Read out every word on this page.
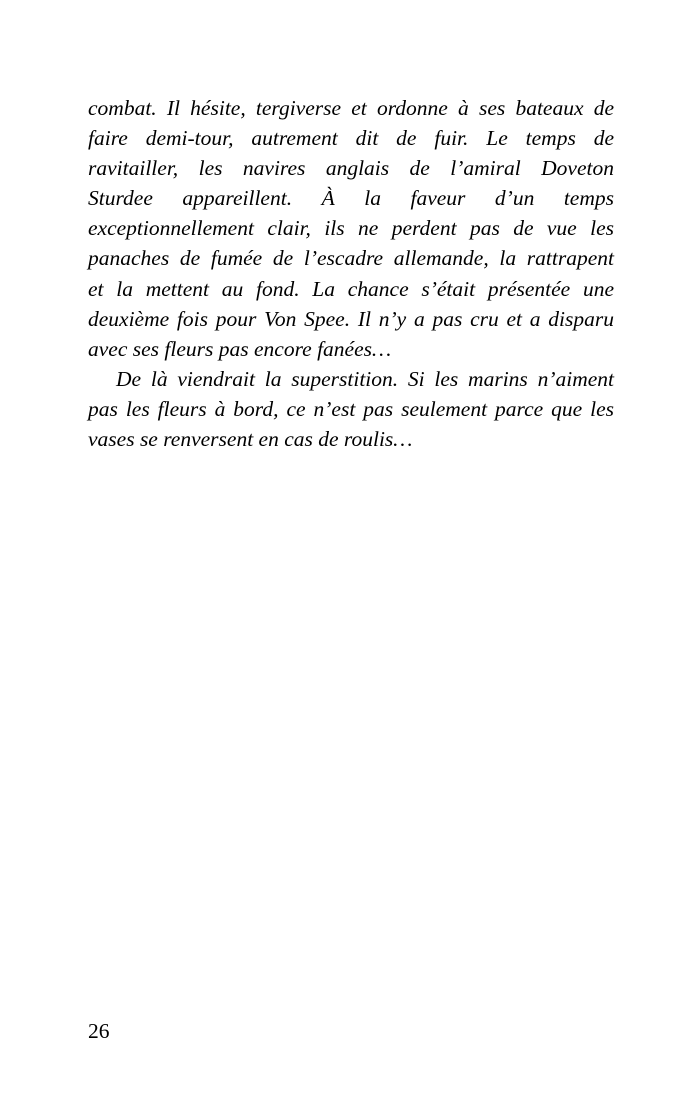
combat. Il hésite, tergiverse et ordonne à ses bateaux de
faire demi-tour, autrement dit de fuir. Le temps de
ravitailler, les navires anglais de l’amiral Doveton
Sturdee appareillent. À la faveur d’un temps
exceptionnellement clair, ils ne perdent pas de vue les
panaches de fumée de l’escadre allemande, la rattrapent
et la mettent au fond. La chance s’était présentée une
deuxième fois pour Von Spee. Il n’y a pas cru et a disparu
avec ses fleurs pas encore fanées…

De là viendrait la superstition. Si les marins n’aiment
pas les fleurs à bord, ce n’est pas seulement parce que les
vases se renversent en cas de roulis…

26
